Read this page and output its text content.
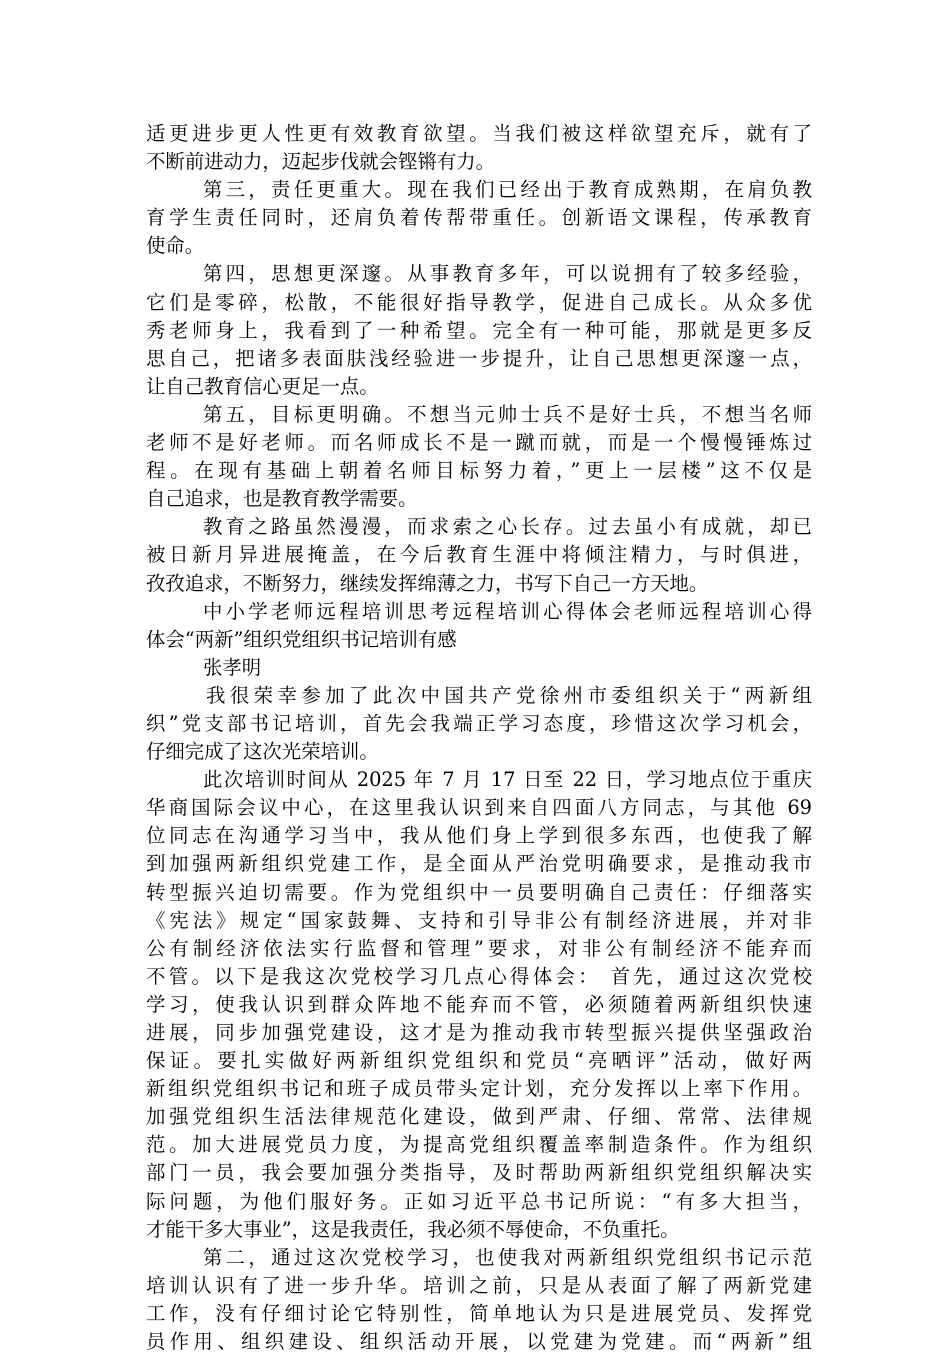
适更进步更人性更有效教育欲望。当我们被这样欲望充斥，就有了
不断前进动力，迈起步伐就会铿锵有力。
第三，责任更重大。现在我们已经出于教育成熟期，在肩负教
育学生责任同时，还肩负着传帮带重任。创新语文课程，传承教育
使命。
第四，思想更深邃。从事教育多年，可以说拥有了较多经验，
它们是零碎，松散，不能很好指导教学，促进自己成长。从众多优
秀老师身上，我看到了一种希望。完全有一种可能，那就是更多反
思自己，把诸多表面肤浅经验进一步提升，让自己思想更深邃一点，
让自己教育信心更足一点。
第五，目标更明确。不想当元帅士兵不是好士兵，不想当名师
老师不是好老师。而名师成长不是一蹴而就，而是一个慢慢锤炼过
程。在现有基础上朝着名师目标努力着，”更上一层楼”这不仅是
自己追求，也是教育教学需要。
教育之路虽然漫漫，而求索之心长存。过去虽小有成就，却已
被日新月异进展掩盖，在今后教育生涯中将倾注精力，与时俱进，
孜孜追求，不断努力，继续发挥绵薄之力，书写下自己一方天地。
中小学老师远程培训思考远程培训心得体会老师远程培训心得
体会“两新”组织党组织书记培训有感
张孝明
我很荣幸参加了此次中国共产党徐州市委组织关于“两新组
织”党支部书记培训，首先会我端正学习态度，珍惜这次学习机会，
仔细完成了这次光荣培训。
此次培训时间从 2025 年 7 月 17 日至 22 日，学习地点位于重庆
华商国际会议中心，在这里我认识到来自四面八方同志，与其他 69
位同志在沟通学习当中，我从他们身上学到很多东西，也使我了解
到加强两新组织党建工作，是全面从严治党明确要求，是推动我市
转型振兴迫切需要。作为党组织中一员要明确自己责任：仔细落实
《宪法》规定“国家鼓舞、支持和引导非公有制经济进展，并对非
公有制经济依法实行监督和管理”要求，对非公有制经济不能弃而
不管。以下是我这次党校学习几点心得体会： 首先，通过这次党校
学习，使我认识到群众阵地不能弃而不管，必须随着两新组织快速
进展，同步加强党建设，这才是为推动我市转型振兴提供坚强政治
保证。要扎实做好两新组织党组织和党员“亮晒评”活动，做好两
新组织党组织书记和班子成员带头定计划，充分发挥以上率下作用。
加强党组织生活法律规范化建设，做到严肃、仔细、常常、法律规
范。加大进展党员力度，为提高党组织覆盖率制造条件。作为组织
部门一员，我会要加强分类指导，及时帮助两新组织党组织解决实
际问题，为他们服好务。正如习近平总书记所说：“有多大担当，
才能干多大事业”，这是我责任，我必须不辱使命，不负重托。
第二，通过这次党校学习，也使我对两新组织党组织书记示范
培训认识有了进一步升华。培训之前，只是从表面了解了两新党建
工作，没有仔细讨论它特别性，简单地认为只是进展党员、发挥党
员作用、组织建设、组织活动开展，以党建为党建。而“两新”组
